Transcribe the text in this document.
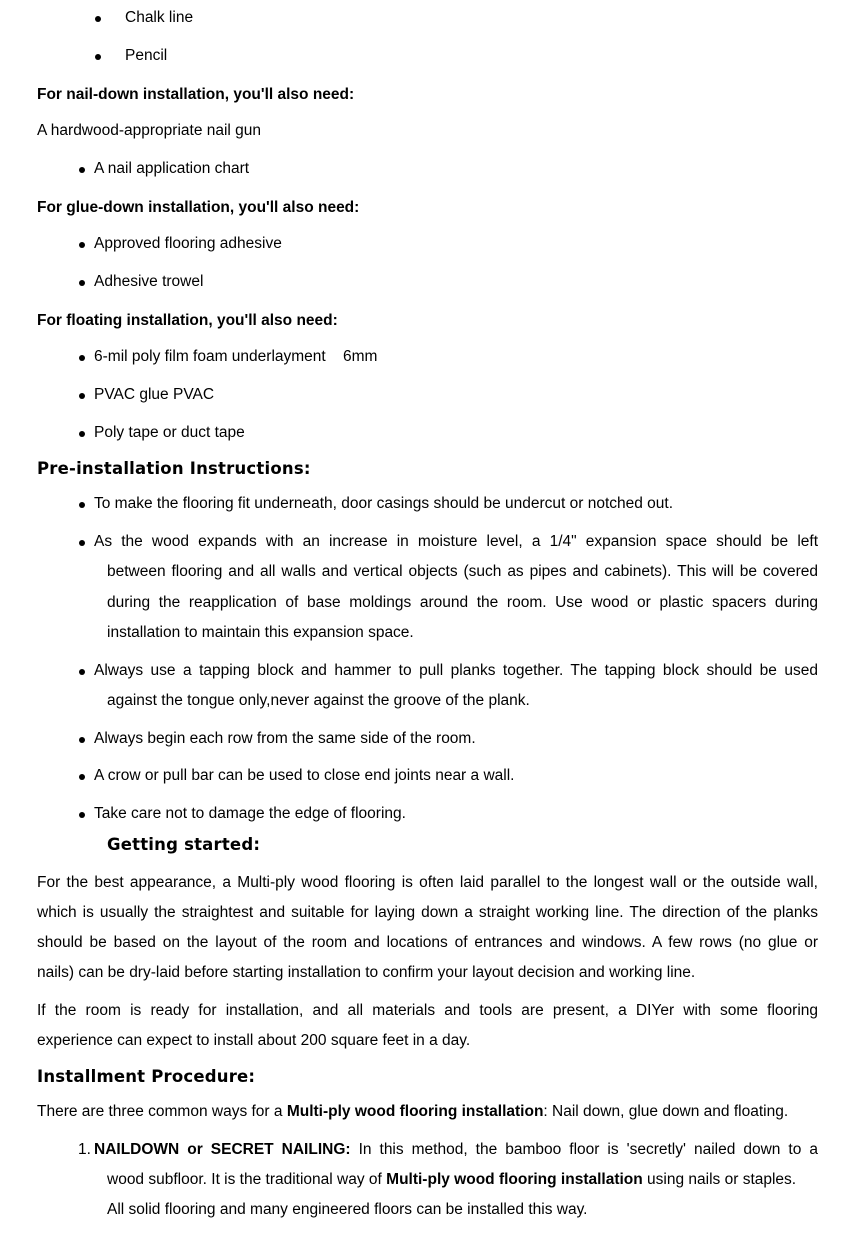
Chalk line
Pencil
For nail-down installation, you'll also need:
A hardwood-appropriate nail gun
A nail application chart
For glue-down installation, you'll also need:
Approved flooring adhesive
Adhesive trowel
For floating installation, you'll also need:
6-mil poly film foam underlayment    6mm
PVAC glue PVAC
Poly tape or duct tape
Pre-installation Instructions:
To make the flooring fit underneath, door casings should be undercut or notched out.
As the wood expands with an increase in moisture level, a 1/4" expansion space should be left
between flooring and all walls and vertical objects (such as pipes and cabinets). This will be covered
during the reapplication of base moldings around the room. Use wood or plastic spacers during
installation to maintain this expansion space.
Always use a tapping block and hammer to pull planks together. The tapping block should be used
against the tongue only,never against the groove of the plank.
Always begin each row from the same side of the room.
A crow or pull bar can be used to close end joints near a wall.
Take care not to damage the edge of flooring.
Getting started:
For the best appearance, a Multi-ply wood flooring is often laid parallel to the longest wall or the outside wall,
which is usually the straightest and suitable for laying down a straight working line. The direction of the planks
should be based on the layout of the room and locations of entrances and windows. A few rows (no glue or
nails) can be dry-laid before starting installation to confirm your layout decision and working line.
If the room is ready for installation, and all materials and tools are present, a DIYer with some flooring
experience can expect to install about 200 square feet in a day.
Installment Procedure:
There are three common ways for a Multi-ply wood flooring installation: Nail down, glue down and floating.
1. NAILDOWN or SECRET NAILING: In this method, the bamboo floor is 'secretly' nailed down to a
wood subfloor. It is the traditional way of Multi-ply wood flooring installation using nails or staples.
All solid flooring and many engineered floors can be installed this way.
